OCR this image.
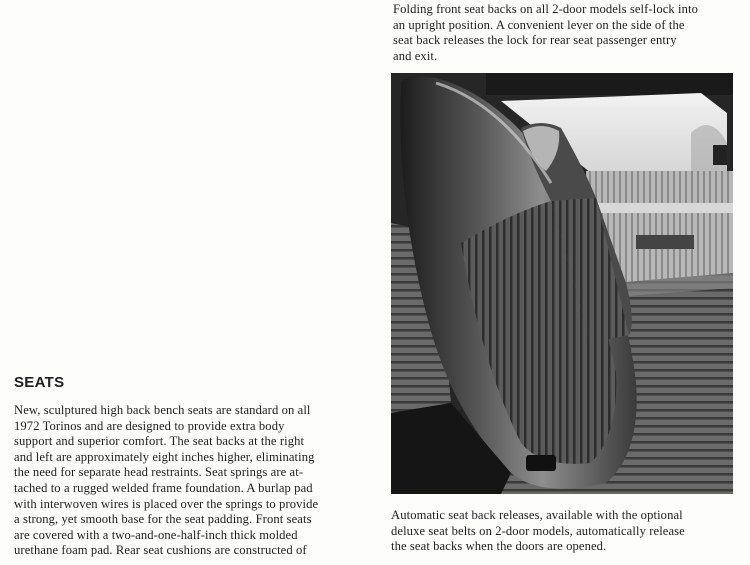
Folding front seat backs on all 2-door models self-lock into
an upright position. A convenient lever on the side of the
seat back releases the lock for rear seat passenger entry
and exit.
Automatic seat back releases, available with the optional
deluxe seat belts on 2-door models, automatically release
the seat backs when the doors are opened.
SEATS
New, sculptured high back bench seats are standard on all
1972 Torinos and are designed to provide extra body
support and superior comfort. The seat backs at the right
and left are approximately eight inches higher, eliminating
the need for separate head restraints. Seat springs are at-
tached to a rugged welded frame foundation. A burlap pad
with interwoven wires is placed over the springs to provide
a strong, yet smooth base for the seat padding. Front seats
are covered with a two-and-one-half-inch thick molded
urethane foam pad. Rear seat cushions are constructed of
